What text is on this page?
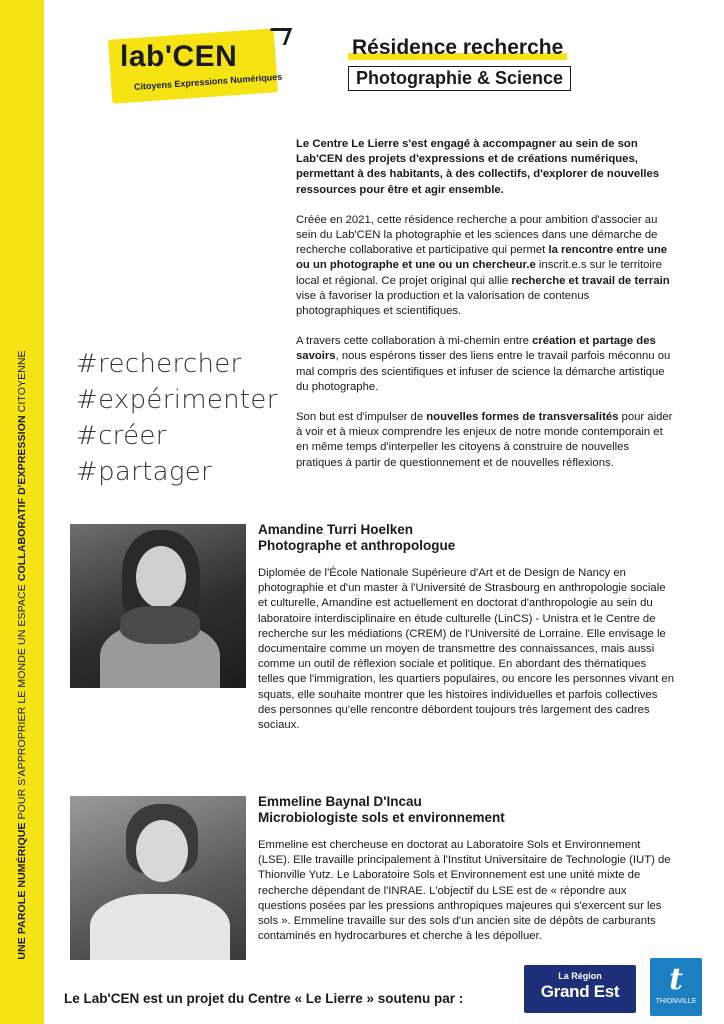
UNE PAROLE NUMÉRIQUE POUR S'APPROPRIER LE MONDE UN ESPACE COLLABORATIF D'EXPRESSION CITOYENNE
lab'CEN
Citoyens Expressions Numériques
Résidence recherche
Photographie & Science
#rechercher
#expérimenter
#créer
#partager

Le Centre Le Lierre s'est engagé à accompagner au sein de son Lab'CEN des projets d'expressions et de créations numériques, permettant à des habitants, à des collectifs, d'explorer de nouvelles ressources pour être et agir ensemble.

Créée en 2021, cette résidence recherche a pour ambition d'associer au sein du Lab'CEN la photographie et les sciences dans une démarche de recherche collaborative et participative qui permet la rencontre entre une ou un photographe et une ou un chercheur.e inscrit.e.s sur le territoire local et régional. Ce projet original qui allie recherche et travail de terrain vise à favoriser la production et la valorisation de contenus photographiques et scientifiques.

A travers cette collaboration à mi-chemin entre création et partage des savoirs, nous espérons tisser des liens entre le travail parfois méconnu ou mal compris des scientifiques et infuser de science la démarche artistique du photographe.

Son but est d'impulser de nouvelles formes de transversalités pour aider à voir et à mieux comprendre les enjeux de notre monde contemporain et en même temps d'interpeller les citoyens à construire de nouvelles pratiques à partir de questionnement et de nouvelles réflexions.

Amandine Turri Hoelken
Photographe et anthropologue
Diplomée de l'École Nationale Supérieure d'Art et de Design de Nancy en photographie et d'un master à l'Université de Strasbourg en anthropologie sociale et culturelle, Amandine est actuellement en doctorat d'anthropologie au sein du laboratoire interdisciplinaire en étude culturelle (LinCS) - Unistra et le Centre de recherche sur les médiations (CREM) de l'Université de Lorraine. Elle envisage le documentaire comme un moyen de transmettre des connaissances, mais aussi comme un outil de réflexion sociale et politique. En abordant des thématiques telles que l'immigration, les quartiers populaires, ou encore les personnes vivant en squats, elle souhaite montrer que les histoires individuelles et parfois collectives des personnes qu'elle rencontre débordent toujours très largement des cadres sociaux.
Emmeline Baynal D'Incau
Microbiologiste sols et environnement
Emmeline est chercheuse en doctorat au Laboratoire Sols et Environnement (LSE). Elle travaille principalement à l'Institut Universitaire de Technologie (IUT) de Thionville Yutz. Le Laboratoire Sols et Environnement est une unité mixte de recherche dépendant de l'INRAE. L'objectif du LSE est de « répondre aux questions posées par les pressions anthropiques majeures qui s'exercent sur les sols ». Emmeline travaille sur des sols d'un ancien site de dépôts de carburants contaminés en hydrocarbures et cherche à les dépolluer.
Le Lab'CEN est un projet du Centre « Le Lierre » soutenu par :
La Région
Grand Est	t
THIONVILLE
